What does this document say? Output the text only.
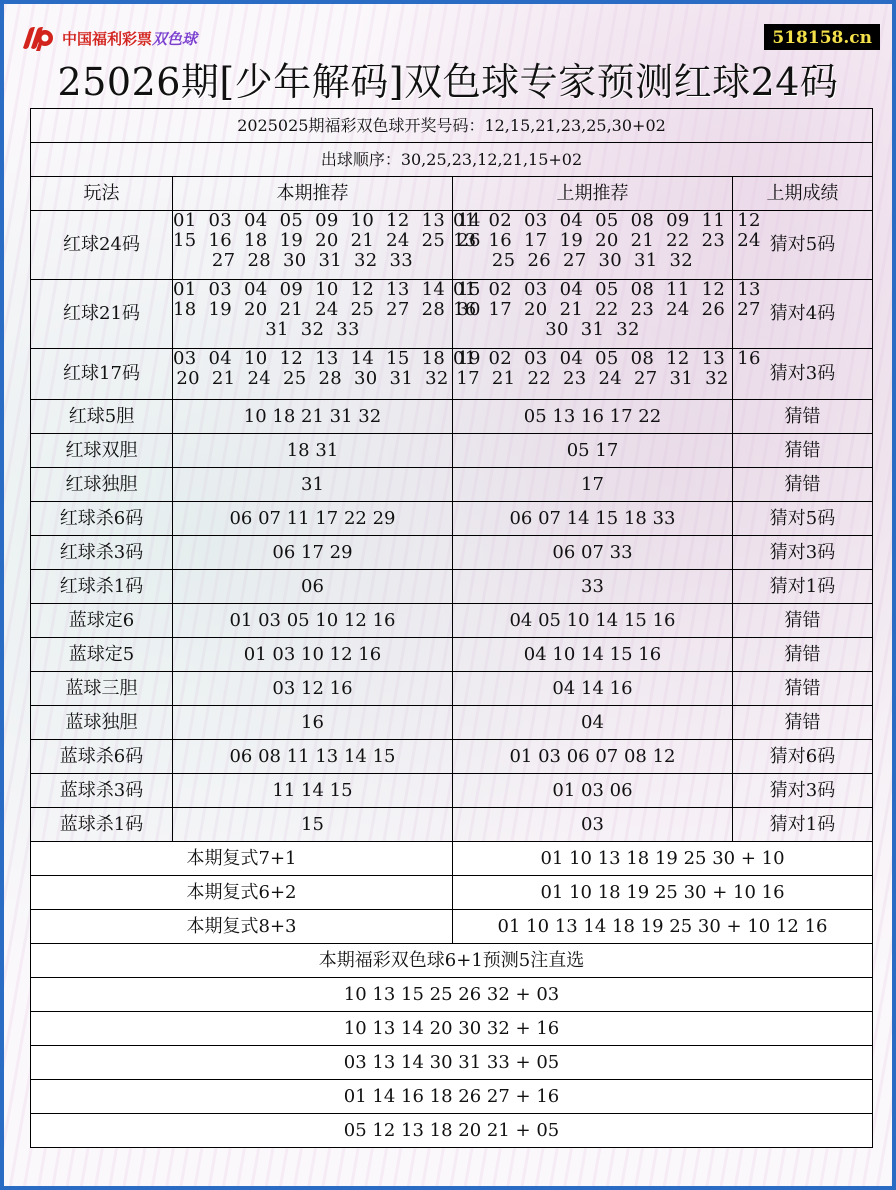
中国福利彩票双色球	518158.cn
25026期[少年解码]双色球专家预测红球24码
2025025期福彩双色球开奖号码：12,15,21,23,25,30+02			
出球顺序：30,25,23,12,21,15+02			
玩法	本期推荐	上期推荐	上期成绩
红球24码	01 03 04 05 09 10 12 13 14
15 16 18 19 20 21 24 25 26
27 28 30 31 32 33	01 02 03 04 05 08 09 11 12
13 16 17 19 20 21 22 23 24
25 26 27 30 31 32	猜对5码
红球21码	01 03 04 09 10 12 13 14 15
18 19 20 21 24 25 27 28 30
31 32 33	01 02 03 04 05 08 11 12 13
16 17 20 21 22 23 24 26 27
30 31 32	猜对4码
红球17码	03 04 10 12 13 14 15 18 19
20 21 24 25 28 30 31 32	01 02 03 04 05 08 12 13 16
17 21 22 23 24 27 31 32	猜对3码
红球5胆	10 18 21 31 32	05 13 16 17 22	猜错
红球双胆	18 31	05 17	猜错
红球独胆	31	17	猜错
红球杀6码	06 07 11 17 22 29	06 07 14 15 18 33	猜对5码
红球杀3码	06 17 29	06 07 33	猜对3码
红球杀1码	06	33	猜对1码
蓝球定6	01 03 05 10 12 16	04 05 10 14 15 16	猜错
蓝球定5	01 03 10 12 16	04 10 14 15 16	猜错
蓝球三胆	03 12 16	04 14 16	猜错
蓝球独胆	16	04	猜错
蓝球杀6码	06 08 11 13 14 15	01 03 06 07 08 12	猜对6码
蓝球杀3码	11 14 15	01 03 06	猜对3码
蓝球杀1码	15	03	猜对1码
本期复式7+1		01 10 13 18 19 25 30 + 10	
本期复式6+2		01 10 18 19 25 30 + 10 16	
本期复式8+3		01 10 13 14 18 19 25 30 + 10 12 16	
本期福彩双色球6+1预测5注直选			
10 13 15 25 26 32 + 03			
10 13 14 20 30 32 + 16			
03 13 14 30 31 33 + 05			
01 14 16 18 26 27 + 16			
05 12 13 18 20 21 + 05			
